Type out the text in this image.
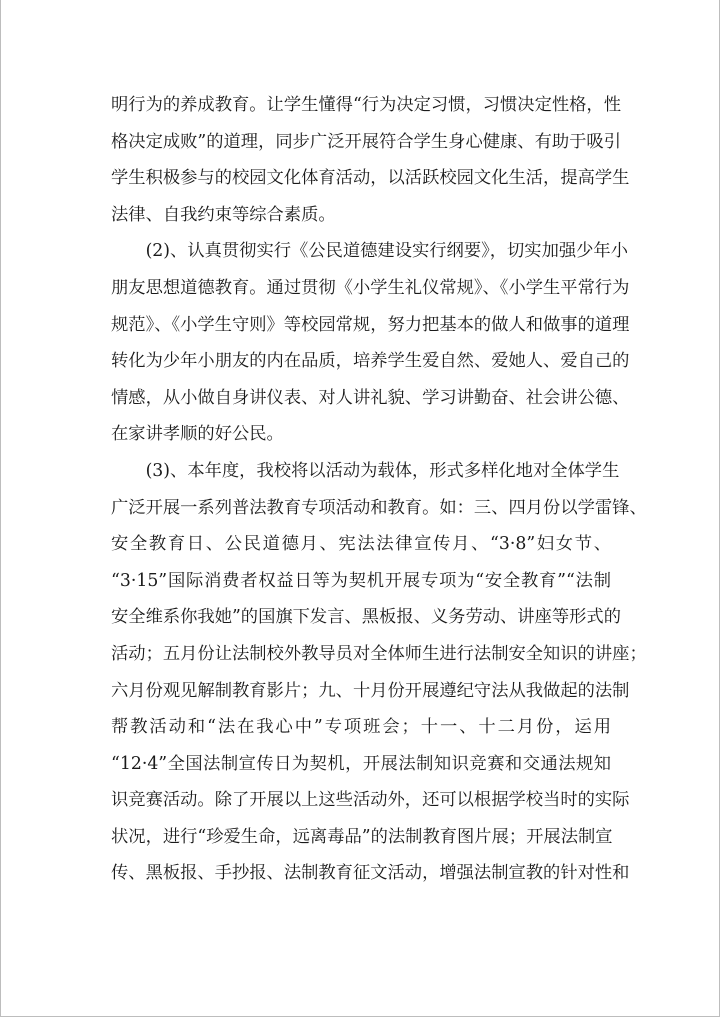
明行为的养成教育。让学生懂得“行为决定习惯，习惯决定性格，性
格决定成败”的道理，同步广泛开展符合学生身心健康、有助于吸引
学生积极参与的校园文化体育活动，以活跃校园文化生活，提高学生
法律、自我约束等综合素质。
　　(2)、认真贯彻实行《公民道德建设实行纲要》，切实加强少年小
朋友思想道德教育。通过贯彻《小学生礼仪常规》、《小学生平常行为
规范》、《小学生守则》等校园常规，努力把基本的做人和做事的道理
转化为少年小朋友的内在品质，培养学生爱自然、爱她人、爱自己的
情感，从小做自身讲仪表、对人讲礼貌、学习讲勤奋、社会讲公德、
在家讲孝顺的好公民。
　　(3)、本年度，我校将以活动为载体，形式多样化地对全体学生
广泛开展一系列普法教育专项活动和教育。如：三、四月份以学雷锋、
安全教育日、公民道德月、宪法法律宣传月、“3·8”妇女节、
“3·15”国际消费者权益日等为契机开展专项为“安全教育”“法制
安全维系你我她”的国旗下发言、黑板报、义务劳动、讲座等形式的
活动；五月份让法制校外教导员对全体师生进行法制安全知识的讲座；
六月份观见解制教育影片；九、十月份开展遵纪守法从我做起的法制
帮教活动和“法在我心中”专项班会；十一、十二月份，运用
“12·4”全国法制宣传日为契机，开展法制知识竞赛和交通法规知
识竞赛活动。除了开展以上这些活动外，还可以根据学校当时的实际
状况，进行“珍爱生命，远离毒品”的法制教育图片展；开展法制宣
传、黑板报、手抄报、法制教育征文活动，增强法制宣教的针对性和
